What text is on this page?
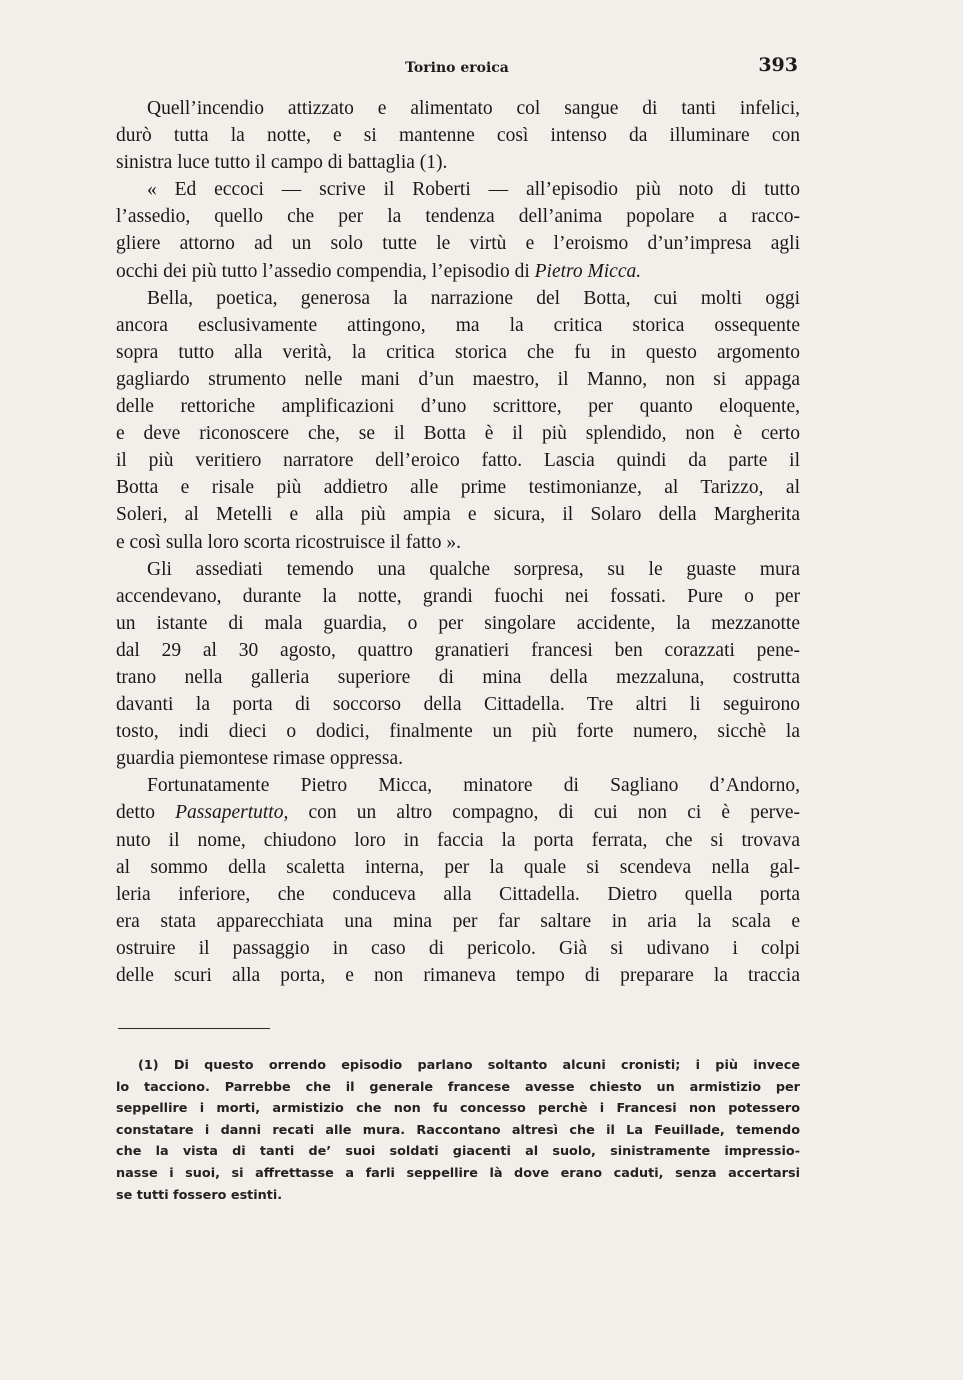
Torino eroica	393
Quell’incendio attizzato e alimentato col sangue di tanti infelici,
durò tutta la notte, e si mantenne così intenso da illuminare con
sinistra luce tutto il campo di battaglia (1).
« Ed eccoci — scrive il Roberti — all’episodio più noto di tutto
l’assedio, quello che per la tendenza dell’anima popolare a racco-
gliere attorno ad un solo tutte le virtù e l’eroismo d’un’impresa agli
occhi dei più tutto l’assedio compendia, l’episodio di Pietro Micca.
Bella, poetica, generosa la narrazione del Botta, cui molti oggi
ancora esclusivamente attingono, ma la critica storica ossequente
sopra tutto alla verità, la critica storica che fu in questo argomento
gagliardo strumento nelle mani d’un maestro, il Manno, non si appaga
delle rettoriche amplificazioni d’uno scrittore, per quanto eloquente,
e deve riconoscere che, se il Botta è il più splendido, non è certo
il più veritiero narratore dell’eroico fatto. Lascia quindi da parte il
Botta e risale più addietro alle prime testimonianze, al Tarizzo, al
Soleri, al Metelli e alla più ampia e sicura, il Solaro della Margherita
e così sulla loro scorta ricostruisce il fatto ».
Gli assediati temendo una qualche sorpresa, su le guaste mura
accendevano, durante la notte, grandi fuochi nei fossati. Pure o per
un istante di mala guardia, o per singolare accidente, la mezzanotte
dal 29 al 30 agosto, quattro granatieri francesi ben corazzati pene-
trano nella galleria superiore di mina della mezzaluna, costrutta
davanti la porta di soccorso della Cittadella. Tre altri li seguirono
tosto, indi dieci o dodici, finalmente un più forte numero, sicchè la
guardia piemontese rimase oppressa.
Fortunatamente Pietro Micca, minatore di Sagliano d’Andorno,
detto Passapertutto, con un altro compagno, di cui non ci è perve-
nuto il nome, chiudono loro in faccia la porta ferrata, che si trovava
al sommo della scaletta interna, per la quale si scendeva nella gal-
leria inferiore, che conduceva alla Cittadella. Dietro quella porta
era stata apparecchiata una mina per far saltare in aria la scala e
ostruire il passaggio in caso di pericolo. Già si udivano i colpi
delle scuri alla porta, e non rimaneva tempo di preparare la traccia
(1) Di questo orrendo episodio parlano soltanto alcuni cronisti; i più invece
lo tacciono. Parrebbe che il generale francese avesse chiesto un armistizio per
seppellire i morti, armistizio che non fu concesso perchè i Francesi non potessero
constatare i danni recati alle mura. Raccontano altresì che il La Feuillade, temendo
che la vista di tanti de’ suoi soldati giacenti al suolo, sinistramente impressio-
nasse i suoi, si affrettasse a farli seppellire là dove erano caduti, senza accertarsi
se tutti fossero estinti.
